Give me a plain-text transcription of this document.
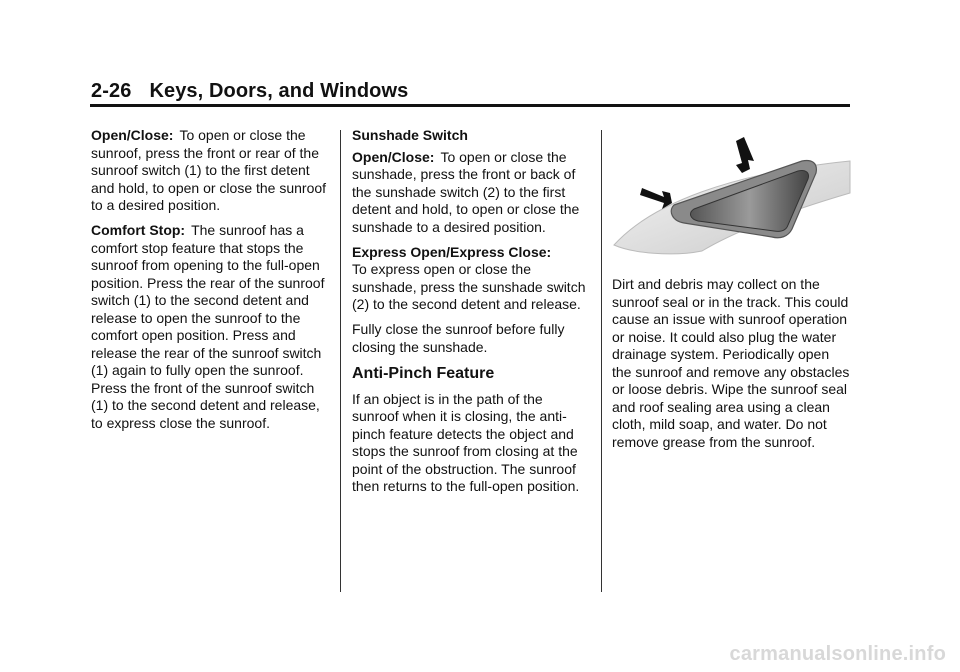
2-26 Keys, Doors, and Windows

Open/Close: To open or close the sunroof, press the front or rear of the sunroof switch (1) to the first detent and hold, to open or close the sunroof to a desired position.

Comfort Stop: The sunroof has a comfort stop feature that stops the sunroof from opening to the full-open position. Press the rear of the sunroof switch (1) to the second detent and release to open the sunroof to the comfort open position. Press and release the rear of the sunroof switch (1) again to fully open the sunroof. Press the front of the sunroof switch (1) to the second detent and release, to express close the sunroof.

Sunshade Switch

Open/Close: To open or close the sunshade, press the front or back of the sunshade switch (2) to the first detent and hold, to open or close the sunshade to a desired position.

Express Open/Express Close:
To express open or close the sunshade, press the sunshade switch (2) to the second detent and release.

Fully close the sunroof before fully closing the sunshade.

Anti-Pinch Feature

If an object is in the path of the sunroof when it is closing, the anti-pinch feature detects the object and stops the sunroof from closing at the point of the obstruction. The sunroof then returns to the full-open position.

Dirt and debris may collect on the sunroof seal or in the track. This could cause an issue with sunroof operation or noise. It could also plug the water drainage system. Periodically open the sunroof and remove any obstacles or loose debris. Wipe the sunroof seal and roof sealing area using a clean cloth, mild soap, and water. Do not remove grease from the sunroof.

carmanualsonline.info
